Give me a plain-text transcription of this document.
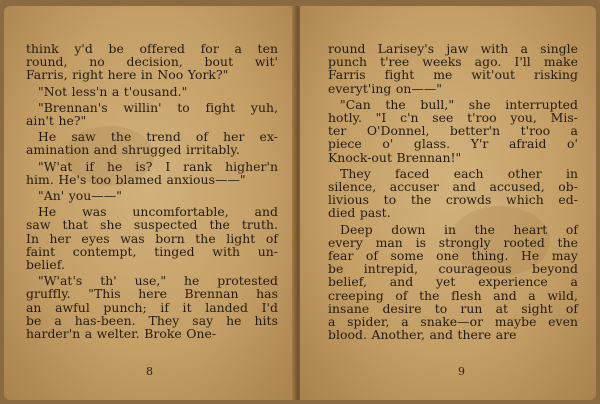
think y'd be offered for a ten
round, no decision, bout wit'
Farris, right here in Noo York?"
"Not less'n a t'ousand."
"Brennan's willin' to fight yuh,
ain't he?"
He saw the trend of her ex-
amination and shrugged irritably.
"W'at if he is? I rank higher'n
him. He's too blamed anxious——"
"An' you——"
He was uncomfortable, and
saw that she suspected the truth.
In her eyes was born the light of
faint contempt, tinged with un-
belief.
"W'at's th' use," he protested
gruffly. "This here Brennan has
an awful punch; if it landed I'd
be a has-been. They say he hits
harder'n a welter. Broke One-
8
round Larisey's jaw with a single
punch t'ree weeks ago. I'll make
Farris fight me wit'out risking
everyt'ing on——"
"Can the bull," she interrupted
hotly. "I c'n see t'roo you, Mis-
ter O'Donnel, better'n t'roo a
piece o' glass. Y'r afraid o'
Knock-out Brennan!"
They faced each other in
silence, accuser and accused, ob-
livious to the crowds which ed-
died past.
Deep down in the heart of
every man is strongly rooted the
fear of some one thing. He may
be intrepid, courageous beyond
belief, and yet experience a
creeping of the flesh and a wild,
insane desire to run at sight of
a spider, a snake—or maybe even
blood. Another, and there are
9
